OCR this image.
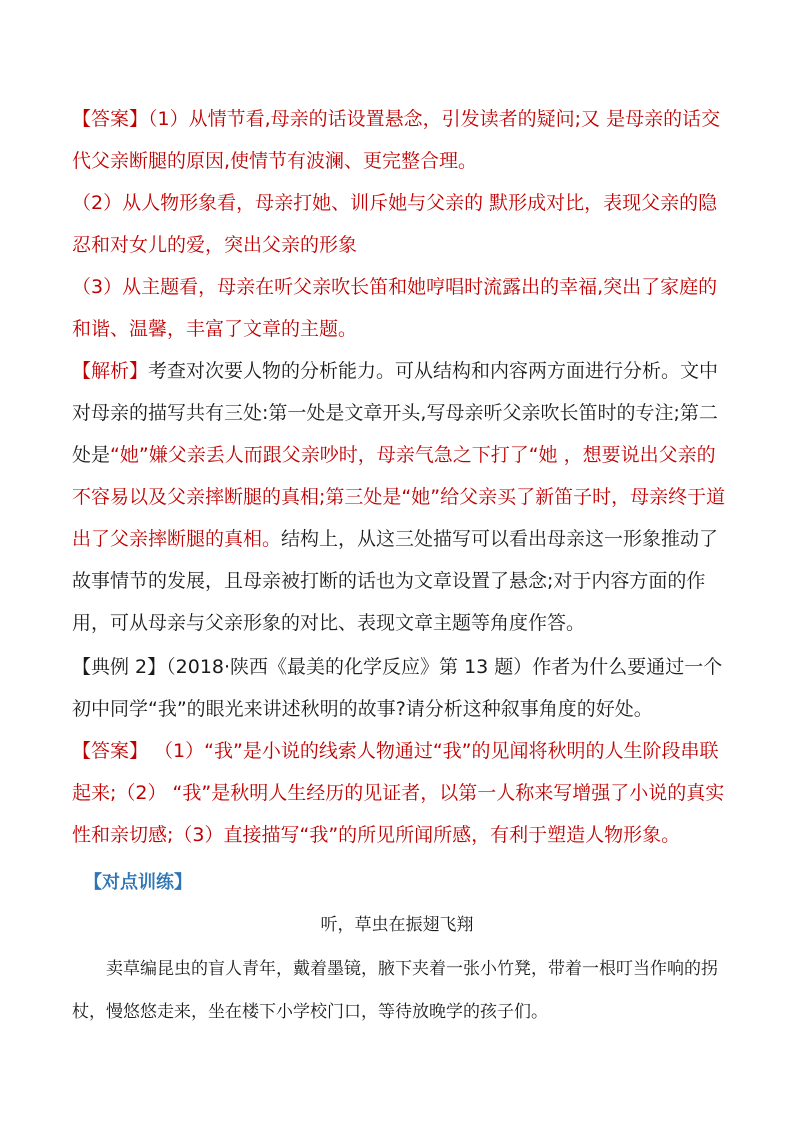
【答案】（1）从情节看,母亲的话设置悬念，引发读者的疑问;又 是母亲的话交代父亲断腿的原因,使情节有波澜、更完整合理。

（2）从人物形象看，母亲打她、训斥她与父亲的 默形成对比，表现父亲的隐忍和对女儿的爱，突出父亲的形象

（3）从主题看，母亲在听父亲吹长笛和她哼唱时流露出的幸福,突出了家庭的和谐、温馨，丰富了文章的主题。

【解析】考查对次要人物的分析能力。可从结构和内容两方面进行分析。文中对母亲的描写共有三处:第一处是文章开头,写母亲听父亲吹长笛时的专注;第二处是“她”嫌父亲丢人而跟父亲吵时，母亲气急之下打了“她 ，想要说出父亲的不容易以及父亲摔断腿的真相;第三处是“她”给父亲买了新笛子时，母亲终于道出了父亲摔断腿的真相。结构上，从这三处描写可以看出母亲这一形象推动了故事情节的发展，且母亲被打断的话也为文章设置了悬念;对于内容方面的作用，可从母亲与父亲形象的对比、表现文章主题等角度作答。

【典例 2】（2018·陕西《最美的化学反应》第 13 题）作者为什么要通过一个初中同学“我”的眼光来讲述秋明的故事?请分析这种叙事角度的好处。

【答案】 （1）“我”是小说的线索人物通过“我”的见闻将秋明的人生阶段串联起来;（2） “我”是秋明人生经历的见证者，以第一人称来写增强了小说的真实性和亲切感;（3）直接描写“我”的所见所闻所感，有利于塑造人物形象。

【对点训练】

听，草虫在振翅飞翔

卖草编昆虫的盲人青年，戴着墨镜，腋下夹着一张小竹凳，带着一根叮当作响的拐杖，慢悠悠走来，坐在楼下小学校门口，等待放晚学的孩子们。
